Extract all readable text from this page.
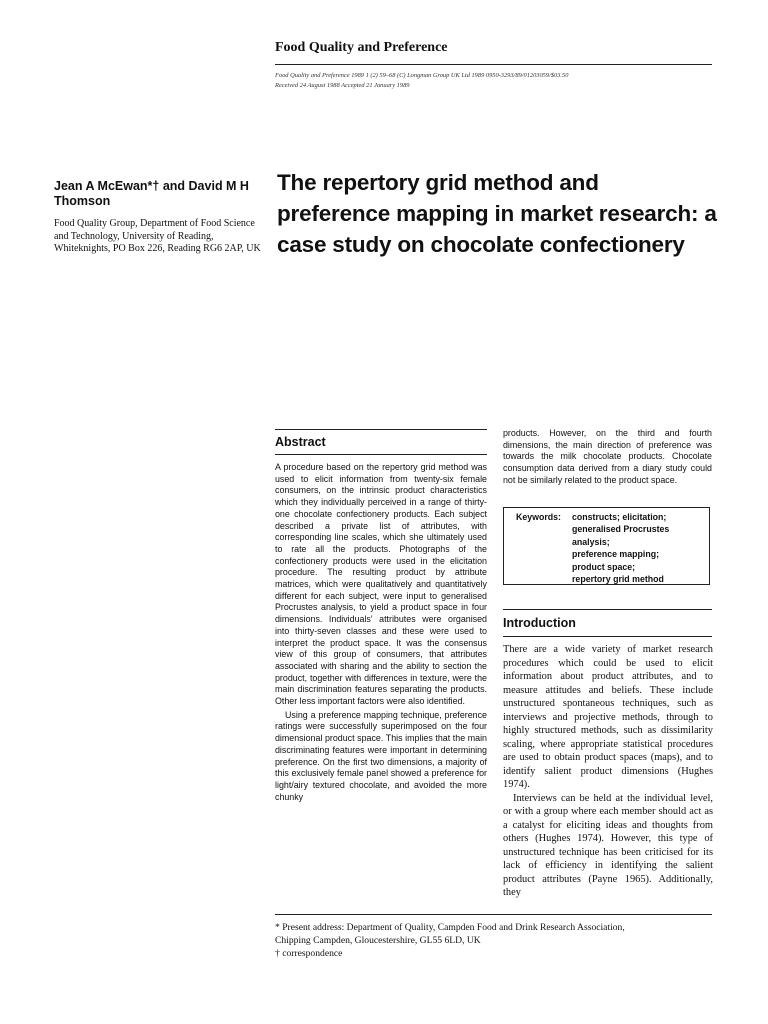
Food Quality and Preference
Food Quality and Preference 1989 1 (2) 59–68 (C) Longman Group UK Ltd 1989 0950-3293/89/01203059/$03.50
Received 24 August 1988 Accepted 21 January 1989
Jean A McEwan*† and David M H Thomson
Food Quality Group, Department of Food Science and Technology, University of Reading, Whiteknights, PO Box 226, Reading RG6 2AP, UK
The repertory grid method and preference mapping in market research: a case study on chocolate confectionery
Abstract

A procedure based on the repertory grid method was used to elicit information from twenty-six female consumers, on the intrinsic product characteristics which they individually perceived in a range of thirty-one chocolate confectionery products. Each subject described a private list of attributes, with corresponding line scales, which she ultimately used to rate all the products. Photographs of the confectionery products were used in the elicitation procedure. The resulting product by attribute matrices, which were qualitatively and quantitatively different for each subject, were input to generalised Procrustes analysis, to yield a product space in four dimensions. Individuals' attributes were organised into thirty-seven classes and these were used to interpret the product space. It was the consensus view of this group of consumers, that attributes associated with sharing and the ability to section the product, together with differences in texture, were the main discrimination features separating the products. Other less important factors were also identified.

Using a preference mapping technique, preference ratings were successfully superimposed on the four dimensional product space. This implies that the main discriminating features were important in determining preference. On the first two dimensions, a majority of this exclusively female panel showed a preference for light/airy textured chocolate, and avoided the more chunky

products. However, on the third and fourth dimensions, the main direction of preference was towards the milk chocolate products. Chocolate consumption data derived from a diary study could not be similarly related to the product space.

Keywords:	constructs; elicitation;
generalised Procrustes
analysis;
preference mapping;
product space;
repertory grid method
Introduction

There are a wide variety of market research procedures which could be used to elicit information about product attributes, and to measure attitudes and beliefs. These include unstructured spontaneous techniques, such as interviews and projective methods, through to highly structured methods, such as dissimilarity scaling, where appropriate statistical procedures are used to obtain product spaces (maps), and to identify salient product dimensions (Hughes 1974).

Interviews can be held at the individual level, or with a group where each member should act as a catalyst for eliciting ideas and thoughts from others (Hughes 1974). However, this type of unstructured technique has been criticised for its lack of efficiency in identifying the salient product attributes (Payne 1965). Additionally, they

* Present address: Department of Quality, Campden Food and Drink Research Association,

Chipping Campden, Gloucestershire, GL55 6LD, UK

† correspondence
